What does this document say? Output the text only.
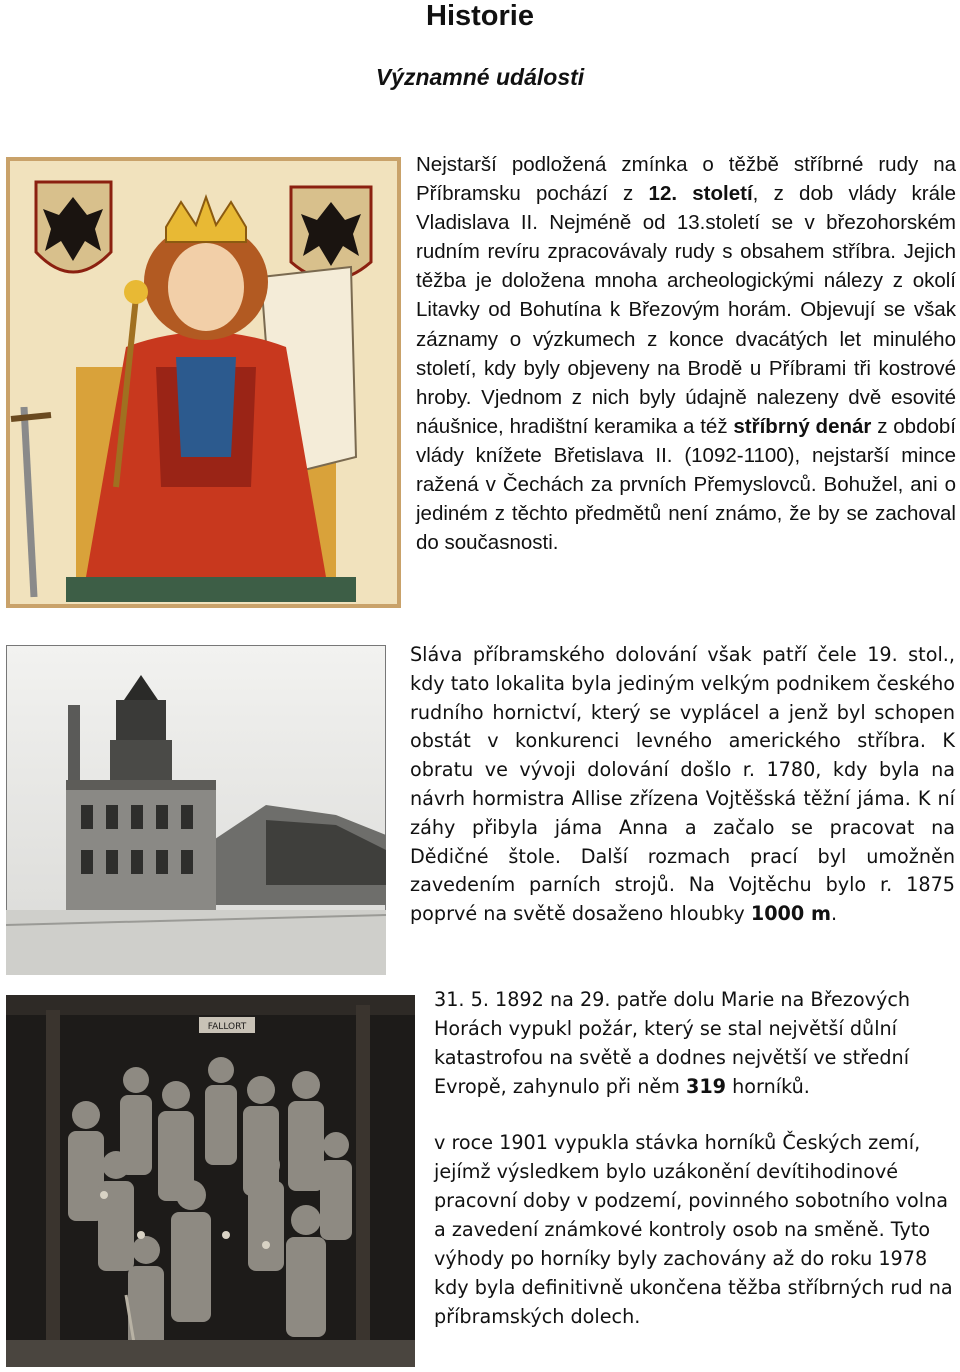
Historie
Významné události
FALLORT
Nejstarší podložená zmínka o těžbě stříbrné rudy na Příbramsku pochází z 12. století, z dob vlády krále Vladislava II. Nejméně od 13.století se v březohorském rudním revíru zpracovávaly rudy s obsahem stříbra. Jejich těžba je doložena mnoha archeologickými nálezy z okolí Litavky od Bohutína k Březovým horám. Objevují se však záznamy o výzkumech z konce dvacátých let minulého století, kdy byly objeveny na Brodě u Příbrami tři kostrové hroby. Vjednom z nich byly údajně nalezeny dvě esovité náušnice, hradištní keramika a též stříbrný denár z období vlády knížete Břetislava II. (1092-1100), nejstarší mince ražená v Čechách za prvních Přemyslovců. Bohužel, ani o jediném z těchto předmětů není známo, že by se zachoval do současnosti.
Sláva příbramského dolování však patří čele 19. stol., kdy tato lokalita byla jediným velkým podnikem českého rudního hornictví, který se vyplácel a jenž byl schopen obstát v konkurenci levného amerického stříbra. K obratu ve vývoji dolování došlo r. 1780, kdy byla na návrh hormistra Allise zřízena Vojtěšská těžní jáma. K ní záhy přibyla jáma Anna a začalo se pracovat na Dědičné štole. Další rozmach prací byl umožněn zavedením parních strojů. Na Vojtěchu bylo r. 1875 poprvé na světě dosaženo hloubky 1000 m.
31. 5. 1892 na 29. patře dolu Marie na Březových Horách vypukl požár, který se stal největší důlní katastrofou na světě a dodnes největší ve střední Evropě, zahynulo při něm 319 horníků.
v roce 1901 vypukla stávka horníků Českých zemí, jejímž výsledkem bylo uzákonění devítihodinové pracovní doby v podzemí, povinného sobotního volna a zavedení známkové kontroly osob na směně. Tyto výhody po horníky byly zachovány až do roku 1978 kdy byla definitivně ukončena těžba stříbrných rud na příbramských dolech.
